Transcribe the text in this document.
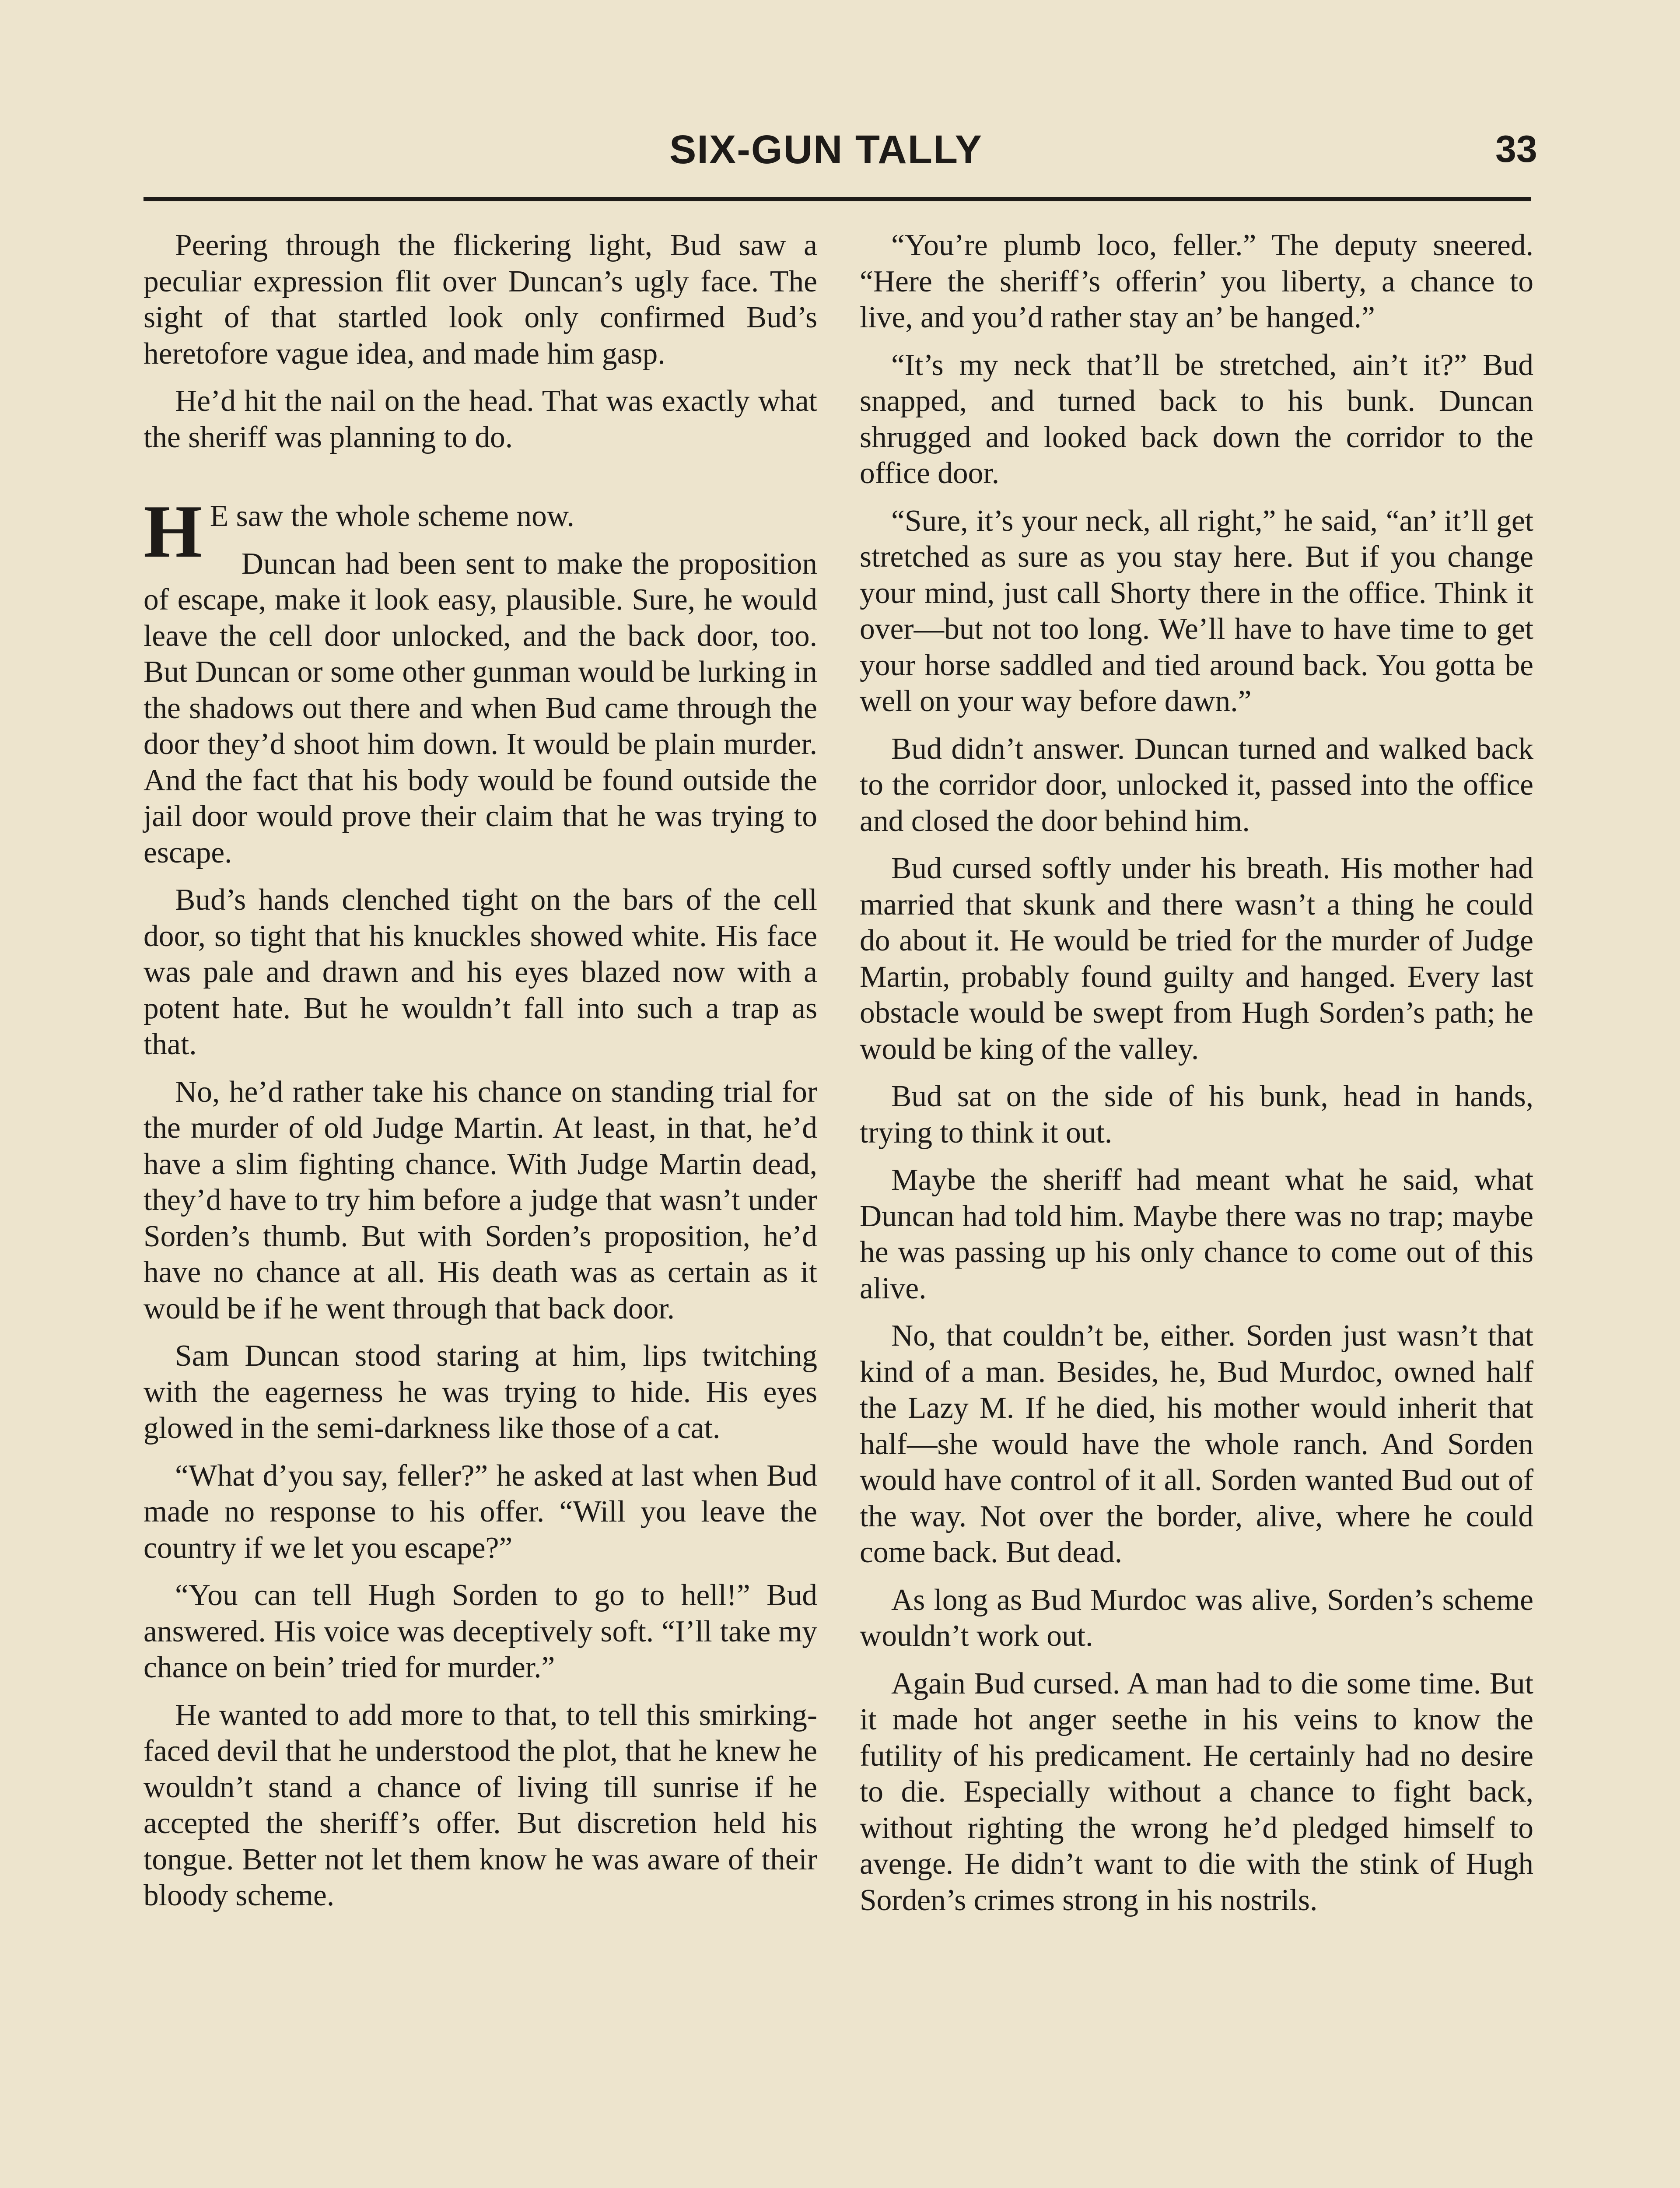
SIX-GUN TALLY	33

Peering through the flickering light, Bud saw a peculiar expression flit over Duncan’s ugly face. The sight of that startled look only confirmed Bud’s heretofore vague idea, and made him gasp.

He’d hit the nail on the head. That was exactly what the sheriff was planning to do.

H E saw the whole scheme now.

Duncan had been sent to make the proposition of escape, make it look easy, plausible. Sure, he would leave the cell door unlocked, and the back door, too. But Duncan or some other gunman would be lurking in the shadows out there and when Bud came through the door they’d shoot him down. It would be plain murder. And the fact that his body would be found outside the jail door would prove their claim that he was trying to escape.

Bud’s hands clenched tight on the bars of the cell door, so tight that his knuckles showed white. His face was pale and drawn and his eyes blazed now with a potent hate. But he wouldn’t fall into such a trap as that.

No, he’d rather take his chance on standing trial for the murder of old Judge Martin. At least, in that, he’d have a slim fighting chance. With Judge Martin dead, they’d have to try him before a judge that wasn’t under Sorden’s thumb. But with Sorden’s proposition, he’d have no chance at all. His death was as certain as it would be if he went through that back door.

Sam Duncan stood staring at him, lips twitching with the eagerness he was trying to hide. His eyes glowed in the semi-darkness like those of a cat.

“What d’you say, feller?” he asked at last when Bud made no response to his offer. “Will you leave the country if we let you escape?”

“You can tell Hugh Sorden to go to hell!” Bud answered. His voice was deceptively soft. “I’ll take my chance on bein’ tried for murder.”

He wanted to add more to that, to tell this smirking-faced devil that he understood the plot, that he knew he wouldn’t stand a chance of living till sunrise if he accepted the sheriff’s offer. But discretion held his tongue. Better not let them know he was aware of their bloody scheme.

“You’re plumb loco, feller.” The deputy sneered. “Here the sheriff’s offerin’ you liberty, a chance to live, and you’d rather stay an’ be hanged.”

“It’s my neck that’ll be stretched, ain’t it?” Bud snapped, and turned back to his bunk. Duncan shrugged and looked back down the corridor to the office door.

“Sure, it’s your neck, all right,” he said, “an’ it’ll get stretched as sure as you stay here. But if you change your mind, just call Shorty there in the office. Think it over—but not too long. We’ll have to have time to get your horse saddled and tied around back. You gotta be well on your way before dawn.”

Bud didn’t answer. Duncan turned and walked back to the corridor door, unlocked it, passed into the office and closed the door behind him.

Bud cursed softly under his breath. His mother had married that skunk and there wasn’t a thing he could do about it. He would be tried for the murder of Judge Martin, probably found guilty and hanged. Every last obstacle would be swept from Hugh Sorden’s path; he would be king of the valley.

Bud sat on the side of his bunk, head in hands, trying to think it out.

Maybe the sheriff had meant what he said, what Duncan had told him. Maybe there was no trap; maybe he was passing up his only chance to come out of this alive.

No, that couldn’t be, either. Sorden just wasn’t that kind of a man. Besides, he, Bud Murdoc, owned half the Lazy M. If he died, his mother would inherit that half—she would have the whole ranch. And Sorden would have control of it all. Sorden wanted Bud out of the way. Not over the border, alive, where he could come back. But dead.

As long as Bud Murdoc was alive, Sorden’s scheme wouldn’t work out.

Again Bud cursed. A man had to die some time. But it made hot anger seethe in his veins to know the futility of his predicament. He certainly had no desire to die. Especially without a chance to fight back, without righting the wrong he’d pledged himself to avenge. He didn’t want to die with the stink of Hugh Sorden’s crimes strong in his nostrils.
